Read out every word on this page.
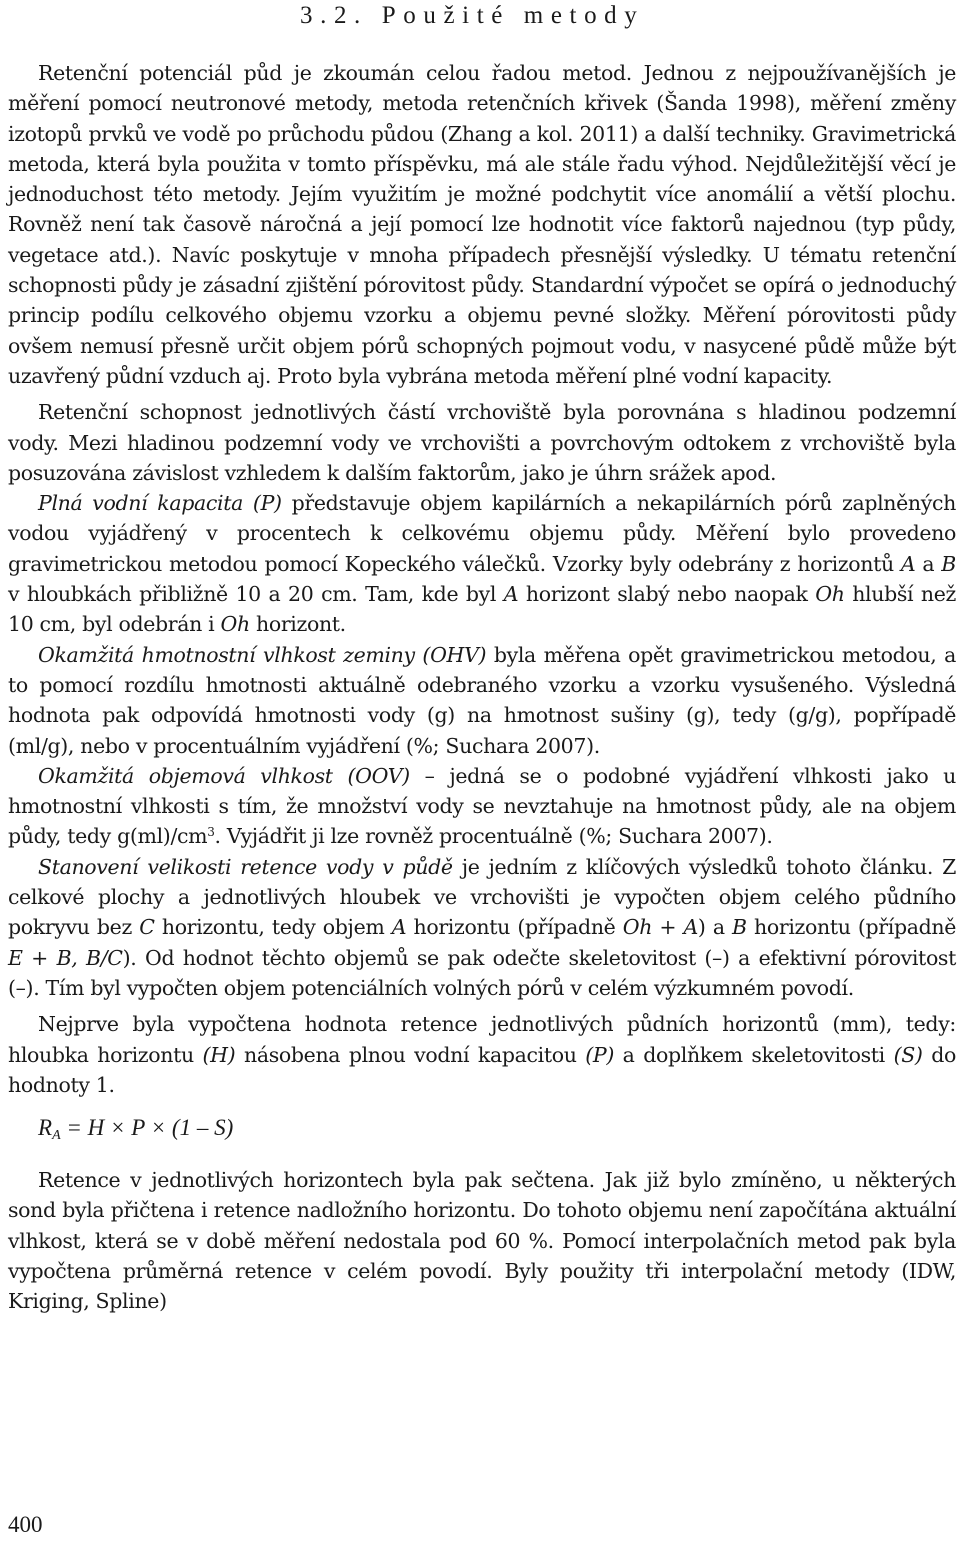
3.2. Použité metody

Retenční potenciál půd je zkoumán celou řadou metod. Jednou z nejpoužívanějších je měření pomocí neutronové metody, metoda retenčních křivek (Šanda 1998), měření změny izotopů prvků ve vodě po průchodu půdou (Zhang a kol. 2011) a další techniky. Gravimetrická metoda, která byla použita v tomto příspěvku, má ale stále řadu výhod. Nejdůležitější věcí je jednoduchost této metody. Jejím využitím je možné podchytit více anomálií a větší plochu. Rovněž není tak časově náročná a její pomocí lze hodnotit více faktorů najednou (typ půdy, vegetace atd.). Navíc poskytuje v mnoha případech přesnější výsledky. U tématu retenční schopnosti půdy je zásadní zjištění pórovitost půdy. Standardní výpočet se opírá o jednoduchý princip podílu celkového objemu vzorku a objemu pevné složky. Měření pórovitosti půdy ovšem nemusí přesně určit objem pórů schopných pojmout vodu, v nasycené půdě může být uzavřený půdní vzduch aj. Proto byla vybrána metoda měření plné vodní kapacity.

Retenční schopnost jednotlivých částí vrchoviště byla porovnána s hladinou podzemní vody. Mezi hladinou podzemní vody ve vrchovišti a povrchovým odtokem z vrchoviště byla posuzována závislost vzhledem k dalším faktorům, jako je úhrn srážek apod.

Plná vodní kapacita (P) představuje objem kapilárních a nekapilárních pórů zaplněných vodou vyjádřený v procentech k celkovému objemu půdy. Měření bylo provedeno gravimetrickou metodou pomocí Kopeckého válečků. Vzorky byly odebrány z horizontů A a B v hloubkách přibližně 10 a 20 cm. Tam, kde byl A horizont slabý nebo naopak Oh hlubší než 10 cm, byl odebrán i Oh horizont.

Okamžitá hmotnostní vlhkost zeminy (OHV) byla měřena opět gravimetrickou metodou, a to pomocí rozdílu hmotnosti aktuálně odebraného vzorku a vzorku vysušeného. Výsledná hodnota pak odpovídá hmotnosti vody (g) na hmotnost sušiny (g), tedy (g/g), popřípadě (ml/g), nebo v procentuálním vyjádření (%; Suchara 2007).

Okamžitá objemová vlhkost (OOV) – jedná se o podobné vyjádření vlhkosti jako u hmotnostní vlhkosti s tím, že množství vody se nevztahuje na hmotnost půdy, ale na objem půdy, tedy $g(ml)/cm^3$. Vyjádřit ji lze rovněž procentuálně (%; Suchara 2007).

Stanovení velikosti retence vody v půdě je jedním z klíčových výsledků tohoto článku. Z celkové plochy a jednotlivých hloubek ve vrchovišti je vypočten objem celého půdního pokryvu bez C horizontu, tedy objem A horizontu (případně Oh + A) a B horizontu (případně E + B, B/C). Od hodnot těchto objemů se pak odečte skeletovitost (–) a efektivní pórovitost (–). Tím byl vypočten objem potenciálních volných pórů v celém výzkumném povodí.

Nejprve byla vypočtena hodnota retence jednotlivých půdních horizontů (mm), tedy: hloubka horizontu (H) násobena plnou vodní kapacitou (P) a doplňkem skeletovitosti (S) do hodnoty 1.

$R_A = H \times P \times (1 - S)$

Retence v jednotlivých horizontech byla pak sečtena. Jak již bylo zmíněno, u některých sond byla přičtena i retence nadložního horizontu. Do tohoto objemu není započítána aktuální vlhkost, která se v době měření nedostala pod 60 %. Pomocí interpolačních metod pak byla vypočtena průměrná retence v celém povodí. Byly použity tři interpolační metody (IDW, Kriging, Spline)

400
